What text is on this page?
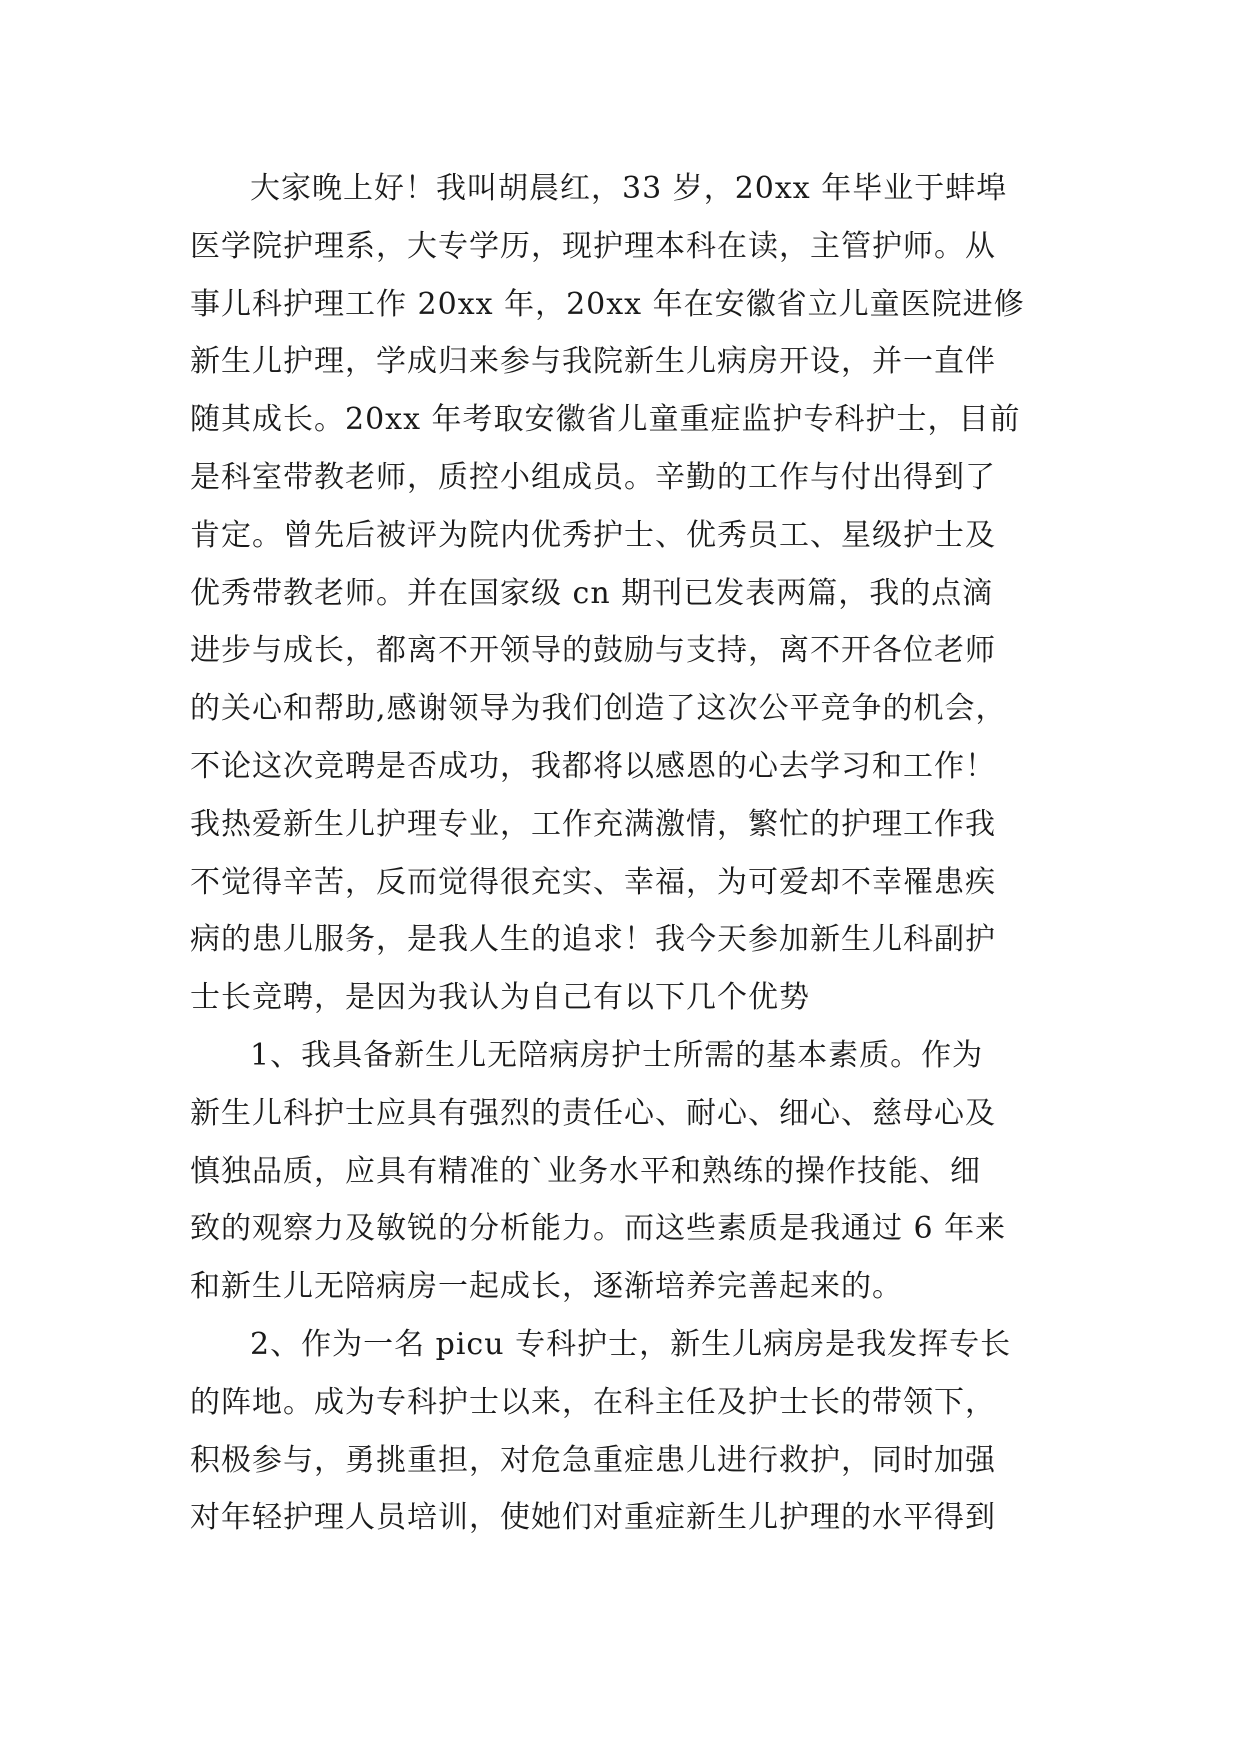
大家晚上好！我叫胡晨红，33 岁，20xx 年毕业于蚌埠
医学院护理系，大专学历，现护理本科在读，主管护师。从
事儿科护理工作 20xx 年，20xx 年在安徽省立儿童医院进修
新生儿护理，学成归来参与我院新生儿病房开设，并一直伴
随其成长。20xx 年考取安徽省儿童重症监护专科护士，目前
是科室带教老师，质控小组成员。辛勤的工作与付出得到了
肯定。曾先后被评为院内优秀护士、优秀员工、星级护士及
优秀带教老师。并在国家级 cn 期刊已发表两篇，我的点滴
进步与成长，都离不开领导的鼓励与支持，离不开各位老师
的关心和帮助,感谢领导为我们创造了这次公平竞争的机会，
不论这次竞聘是否成功，我都将以感恩的心去学习和工作！
我热爱新生儿护理专业，工作充满激情，繁忙的护理工作我
不觉得辛苦，反而觉得很充实、幸福，为可爱却不幸罹患疾
病的患儿服务，是我人生的追求！我今天参加新生儿科副护
士长竞聘，是因为我认为自己有以下几个优势
1、我具备新生儿无陪病房护士所需的基本素质。作为
新生儿科护士应具有强烈的责任心、耐心、细心、慈母心及
慎独品质，应具有精准的`业务水平和熟练的操作技能、细
致的观察力及敏锐的分析能力。而这些素质是我通过 6 年来
和新生儿无陪病房一起成长，逐渐培养完善起来的。
2、作为一名 picu 专科护士，新生儿病房是我发挥专长
的阵地。成为专科护士以来，在科主任及护士长的带领下，
积极参与，勇挑重担，对危急重症患儿进行救护，同时加强
对年轻护理人员培训，使她们对重症新生儿护理的水平得到
